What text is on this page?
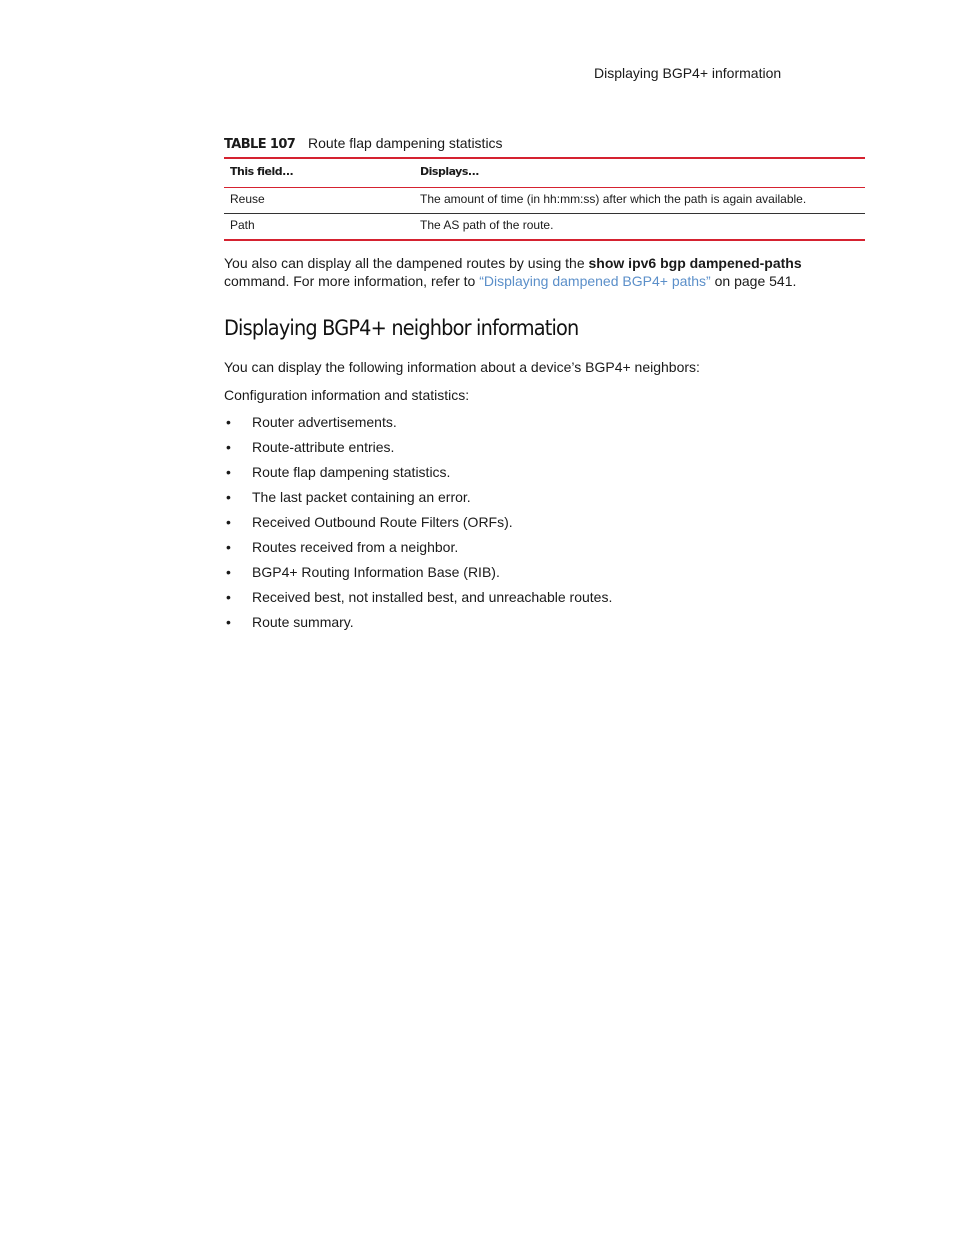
Displaying BGP4+ information
TABLE 107 Route flap dampening statistics
This field...	Displays...
Reuse	The amount of time (in hh:mm:ss) after which the path is again available.
Path	The AS path of the route.

You also can display all the dampened routes by using the show ipv6 bgp dampened-paths
command. For more information, refer to “Displaying dampened BGP4+ paths” on page 541.

Displaying BGP4+ neighbor information

You can display the following information about a device’s BGP4+ neighbors:

Configuration information and statistics:

• Router advertisements.
• Route-attribute entries.
• Route flap dampening statistics.
• The last packet containing an error.
• Received Outbound Route Filters (ORFs).
• Routes received from a neighbor.
• BGP4+ Routing Information Base (RIB).
• Received best, not installed best, and unreachable routes.
• Route summary.
